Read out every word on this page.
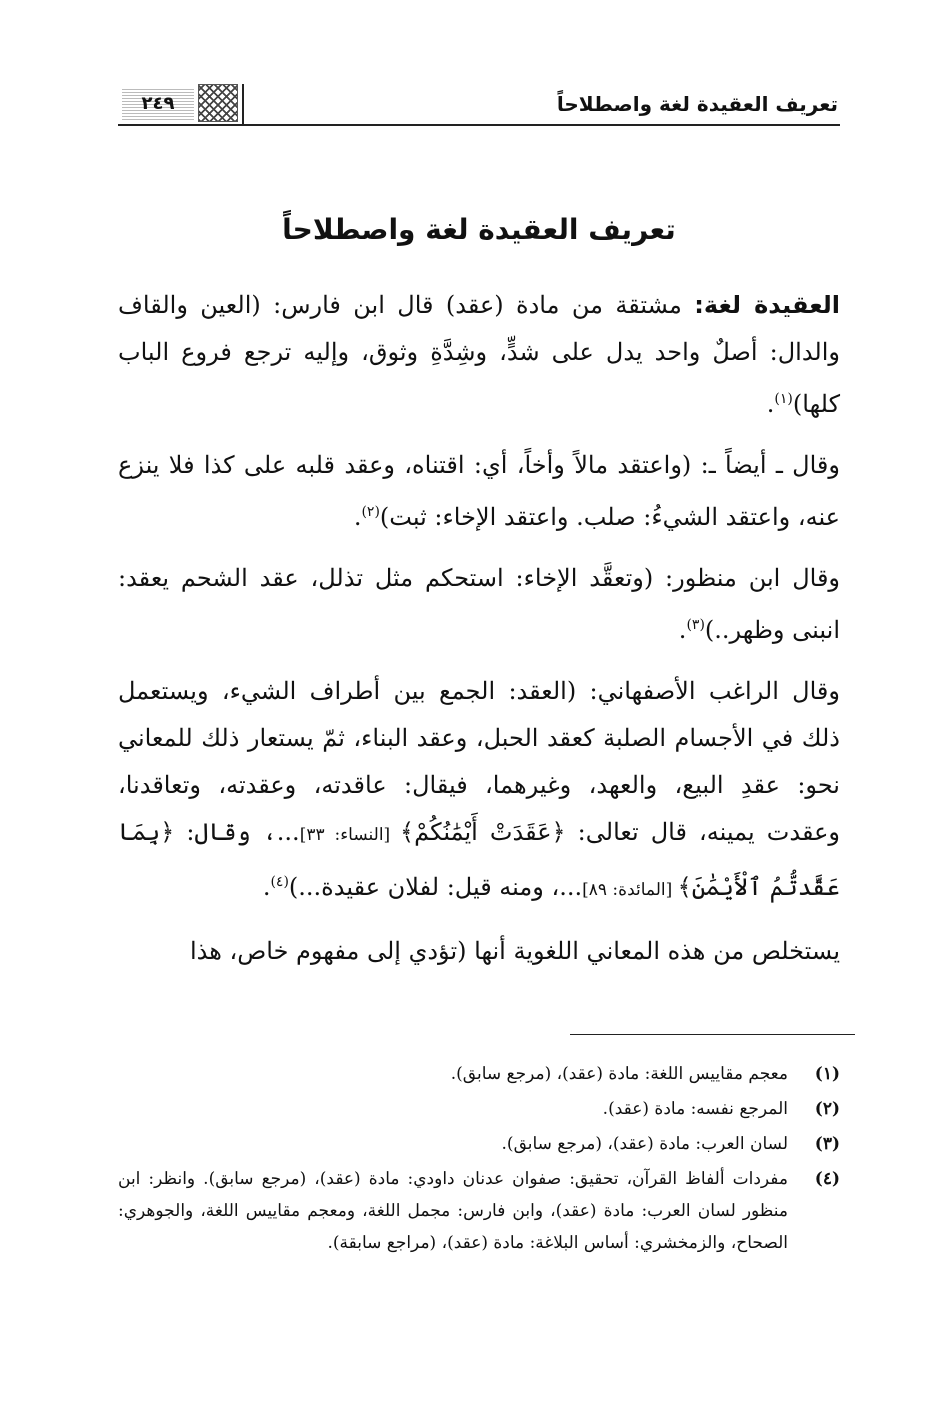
تعريف العقيدة لغة واصطلاحاً
٢٤٩
تعريف العقيدة لغة واصطلاحاً

العقيدة لغة: مشتقة من مادة (عقد) قال ابن فارس: (العين والقاف والدال: أصلٌ واحد يدل على شدٍّ، وشِدَّةِ وثوق، وإليه ترجع فروع الباب كلها)$^{(١)}$.

وقال ـ أيضاً ـ: (واعتقد مالاً وأخاً، أي: اقتناه، وعقد قلبه على كذا فلا ينزع عنه، واعتقد الشيءُ: صلب. واعتقد الإخاء: ثبت)$^{(٢)}$.

وقال ابن منظور: (وتعقَّد الإخاء: استحكم مثل تذلل، عقد الشحم يعقد: انبنى وظهر..)$^{(٣)}$.

وقال الراغب الأصفهاني: (العقد: الجمع بين أطراف الشيء، ويستعمل ذلك في الأجسام الصلبة كعقد الحبل، وعقد البناء، ثمّ يستعار ذلك للمعاني نحو: عقدِ البيع، والعهد، وغيرهما، فيقال: عاقدته، وعقدته، وتعاقدنا، وعقدت يمينه، قال تعالى: ﴿عَقَدَتْ أَيْمَٰنُكُمْ﴾ [النساء: ٣٣]...، وقال: ﴿بِمَا عَقَّدتُّمُ ٱلْأَيْمَٰنَ﴾ [المائدة: ٨٩]...، ومنه قيل: لفلان عقيدة...)$^{(٤)}$.

يستخلص من هذه المعاني اللغوية أنها (تؤدي إلى مفهوم خاص، هذا

(١)
معجم مقاييس اللغة: مادة (عقد)، (مرجع سابق).
(٢)
المرجع نفسه: مادة (عقد).
(٣)
لسان العرب: مادة (عقد)، (مرجع سابق).
(٤)
مفردات ألفاظ القرآن، تحقيق: صفوان عدنان داودي: مادة (عقد)، (مرجع سابق). وانظر: ابن منظور لسان العرب: مادة (عقد)، وابن فارس: مجمل اللغة، ومعجم مقاييس اللغة، والجوهري: الصحاح، والزمخشري: أساس البلاغة: مادة (عقد)، (مراجع سابقة).
